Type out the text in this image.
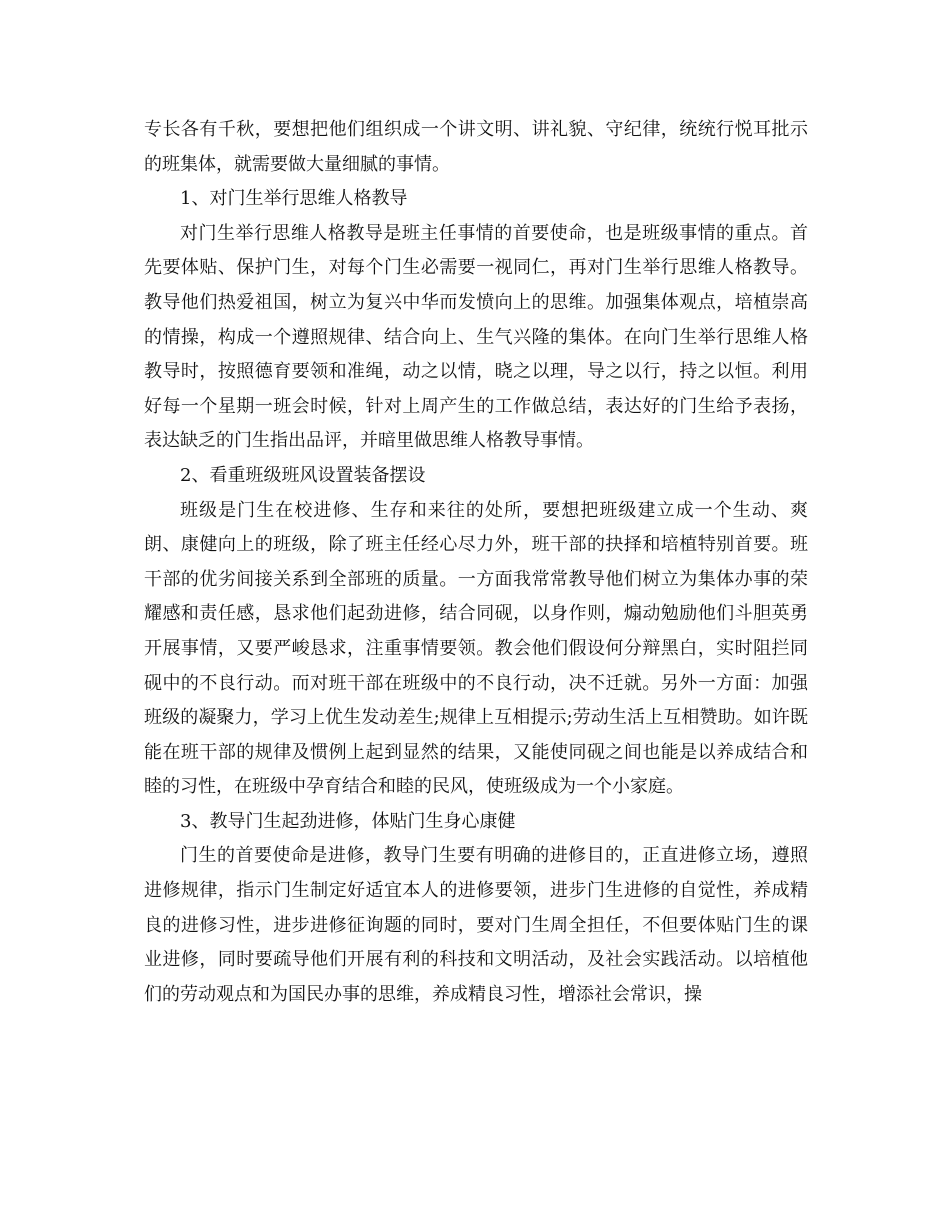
专长各有千秋，要想把他们组织成一个讲文明、讲礼貌、守纪律，统统行悦耳批示的班集体，就需要做大量细腻的事情。

1、对门生举行思维人格教导

对门生举行思维人格教导是班主任事情的首要使命，也是班级事情的重点。首先要体贴、保护门生，对每个门生必需要一视同仁，再对门生举行思维人格教导。教导他们热爱祖国，树立为复兴中华而发愤向上的思维。加强集体观点，培植崇高的情操，构成一个遵照规律、结合向上、生气兴隆的集体。在向门生举行思维人格教导时，按照德育要领和准绳，动之以情，晓之以理，导之以行，持之以恒。利用好每一个星期一班会时候，针对上周产生的工作做总结，表达好的门生给予表扬，表达缺乏的门生指出品评，并暗里做思维人格教导事情。

2、看重班级班风设置装备摆设

班级是门生在校进修、生存和来往的处所，要想把班级建立成一个生动、爽朗、康健向上的班级，除了班主任经心尽力外，班干部的抉择和培植特别首要。班干部的优劣间接关系到全部班的质量。一方面我常常教导他们树立为集体办事的荣耀感和责任感，恳求他们起劲进修，结合同砚，以身作则，煽动勉励他们斗胆英勇开展事情，又要严峻恳求，注重事情要领。教会他们假设何分辩黑白，实时阻拦同砚中的不良行动。而对班干部在班级中的不良行动，决不迁就。另外一方面：加强班级的凝聚力，学习上优生发动差生;规律上互相提示;劳动生活上互相赞助。如许既能在班干部的规律及惯例上起到显然的结果，又能使同砚之间也能是以养成结合和睦的习性，在班级中孕育结合和睦的民风，使班级成为一个小家庭。

3、教导门生起劲进修，体贴门生身心康健

门生的首要使命是进修，教导门生要有明确的进修目的，正直进修立场，遵照进修规律，指示门生制定好适宜本人的进修要领，进步门生进修的自觉性，养成精良的进修习性，进步进修征询题的同时，要对门生周全担任，不但要体贴门生的课业进修，同时要疏导他们开展有利的科技和文明活动，及社会实践活动。以培植他们的劳动观点和为国民办事的思维，养成精良习性，增添社会常识，操
